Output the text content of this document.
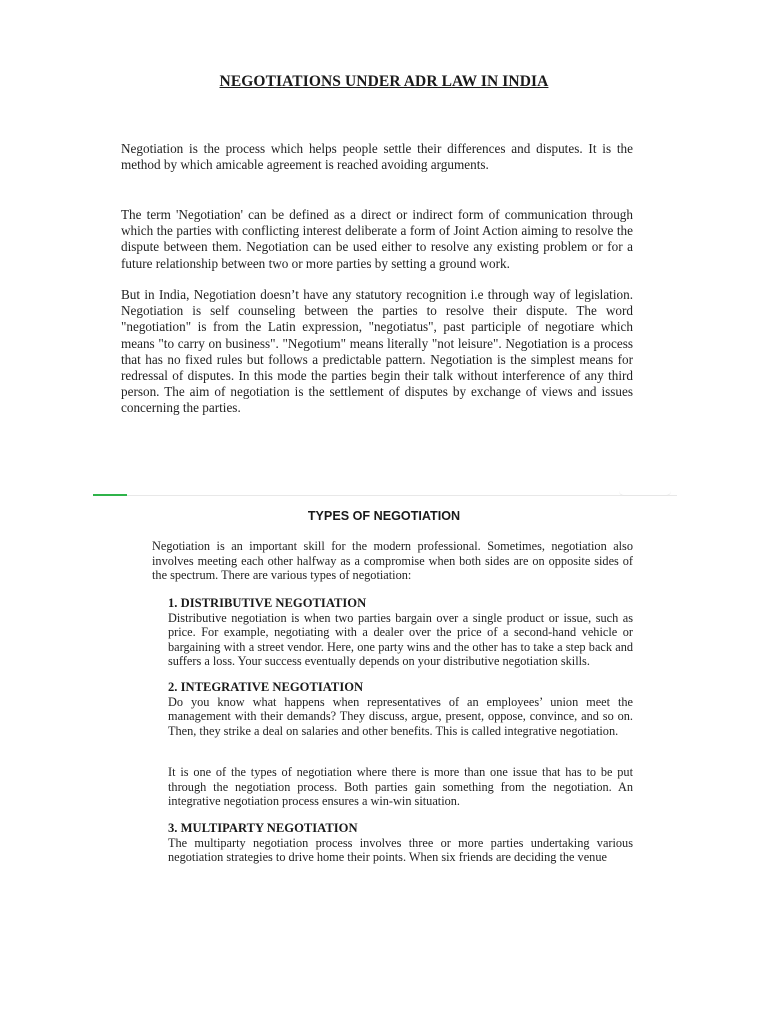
NEGOTIATIONS UNDER ADR LAW IN INDIA

Negotiation is the process which helps people settle their differences and disputes. It is the method by which amicable agreement is reached avoiding arguments.

The term 'Negotiation' can be defined as a direct or indirect form of communication through which the parties with conflicting interest deliberate a form of Joint Action aiming to resolve the dispute between them. Negotiation can be used either to resolve any existing problem or for a future relationship between two or more parties by setting a ground work.

But in India, Negotiation doesn’t have any statutory recognition i.e through way of legislation. Negotiation is self counseling between the parties to resolve their dispute. The word "negotiation" is from the Latin expression, "negotiatus", past participle of negotiare which means "to carry on business". "Negotium" means literally "not leisure". Negotiation is a process that has no fixed rules but follows a predictable pattern. Negotiation is the simplest means for redressal of disputes. In this mode the parties begin their talk without interference of any third person. The aim of negotiation is the settlement of disputes by exchange of views and issues concerning the parties.

TYPES OF NEGOTIATION

Negotiation is an important skill for the modern professional. Sometimes, negotiation also involves meeting each other halfway as a compromise when both sides are on opposite sides of the spectrum. There are various types of negotiation:

1. DISTRIBUTIVE NEGOTIATION
Distributive negotiation is when two parties bargain over a single product or issue, such as price. For example, negotiating with a dealer over the price of a second-hand vehicle or bargaining with a street vendor. Here, one party wins and the other has to take a step back and suffers a loss. Your success eventually depends on your distributive negotiation skills.
2. INTEGRATIVE NEGOTIATION
Do you know what happens when representatives of an employees’ union meet the management with their demands? They discuss, argue, present, oppose, convince, and so on. Then, they strike a deal on salaries and other benefits. This is called integrative negotiation.
It is one of the types of negotiation where there is more than one issue that has to be put through the negotiation process. Both parties gain something from the negotiation. An integrative negotiation process ensures a win-win situation.
3. MULTIPARTY NEGOTIATION
The multiparty negotiation process involves three or more parties undertaking various negotiation strategies to drive home their points. When six friends are deciding the venue
